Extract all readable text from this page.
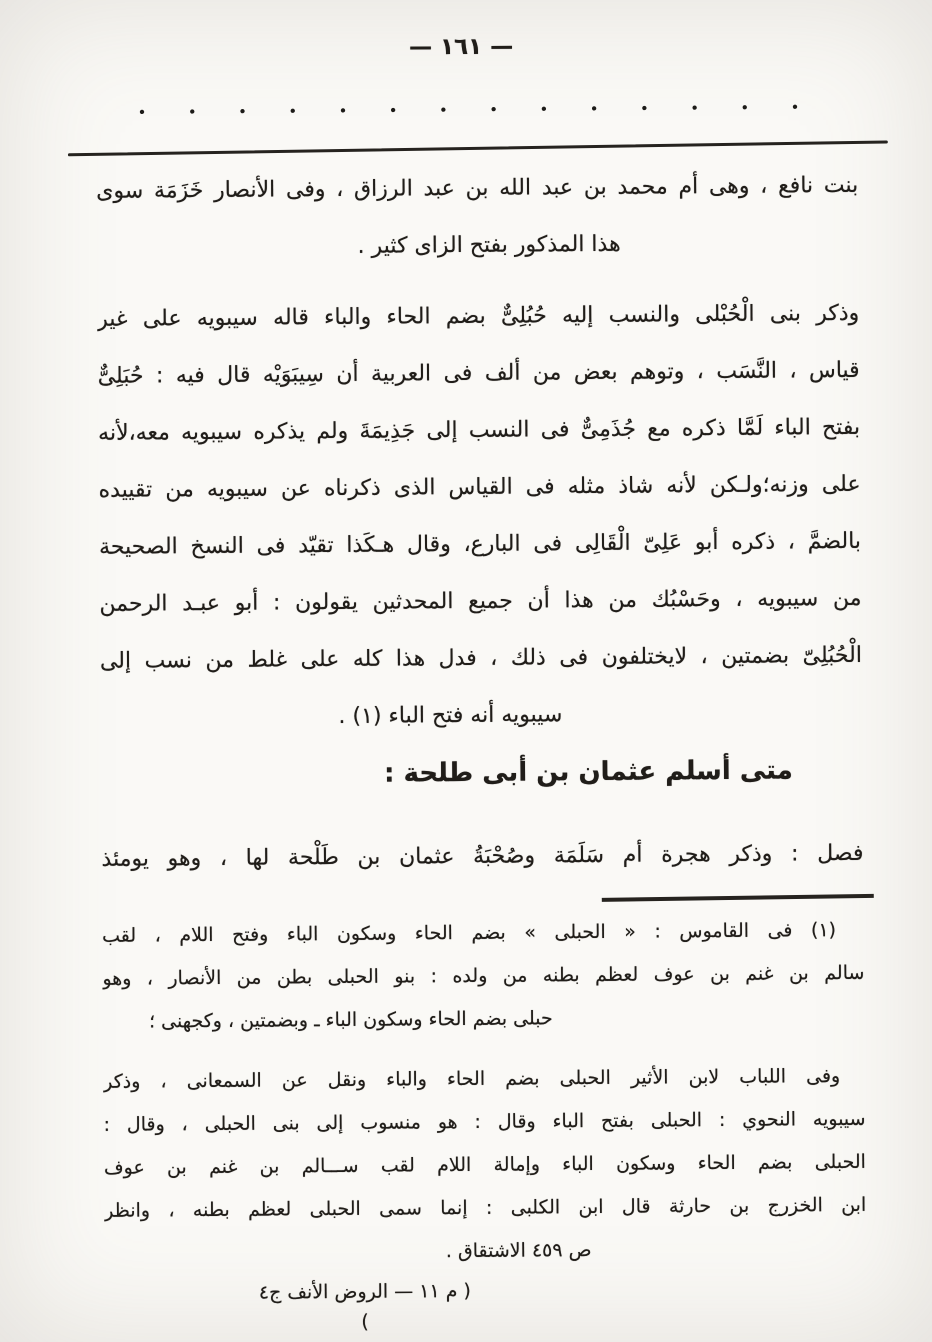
— ١٦١ —
•	•	•	•	•	•	•	•	•	•	•	•	•	•
بنت نافع ، وهى أم محمد بن عبد الله بن عبد الرزاق ، وفى الأنصار خَزَمَة سوى
هذا المذكور بفتح الزاى كثير .
وذكر بنى الْحُبْلى والنسب إليه حُبُلِىٌّ بضم الحاء والباء قاله سيبويه على غير
قياس ، النَّسَب ، وتوهم بعض من ألف فى العربية أن سِيبَوَيْه قال فيه : حُبَلِىٌّ
بفتح الباء لَمَّا ذكره مع جُذَمِىٌّ فى النسب إلى جَذِيمَةَ ولم يذكره سيبويه معه،لأنه
على وزنه؛ولـكن لأنه شاذ مثله فى القياس الذى ذكرناه عن سيبويه من تقييده
بالضمَّ ، ذكره أبو عَلِىّ الْقَالِى فى البارع، وقال هـكَذا تقيّد فى النسخ الصحيحة
من سيبويه ، وحَسْبُك من هذا أن جميع المحدثين يقولون : أبو عبـد الرحمن
الْحُبُلِىّ بضمتين ، لايختلفون فى ذلك ، فدل هذا كله على غلط من نسب إلى
سيبويه أنه فتح الباء (١) .
متى أسلم عثمان بن أبى طلحة :
فصل : وذكر هجرة أم سَلَمَة وصُحْبَةُ عثمان بن طَلْحة لها ، وهو يومئذ
(١) فى القاموس : « الحبلى » بضم الحاء وسكون الباء وفتح اللام ، لقب
سالم بن غنم بن عوف لعظم بطنه من ولده : بنو الحبلى بطن من الأنصار ، وهو
حبلى بضم الحاء وسكون الباء ـ وبضمتين ، وكجهنى ؛
وفى اللباب لابن الأثير الحبلى بضم الحاء والباء ونقل عن السمعانى ، وذكر
سيبويه النحوي : الحبلى بفتح الباء وقال : هو منسوب إلى بنى الحبلى ، وقال :
الحبلى بضم الحاء وسكون الباء وإمالة اللام لقب ســـالم بن غنم بن عوف
ابن الخزرج بن حارثة قال ابن الكلبى : إنما سمى الحبلى لعظم بطنه ، وانظر
ص ٤٥٩ الاشتقاق .
( م ١١ — الروض الأنف ج٤ )
